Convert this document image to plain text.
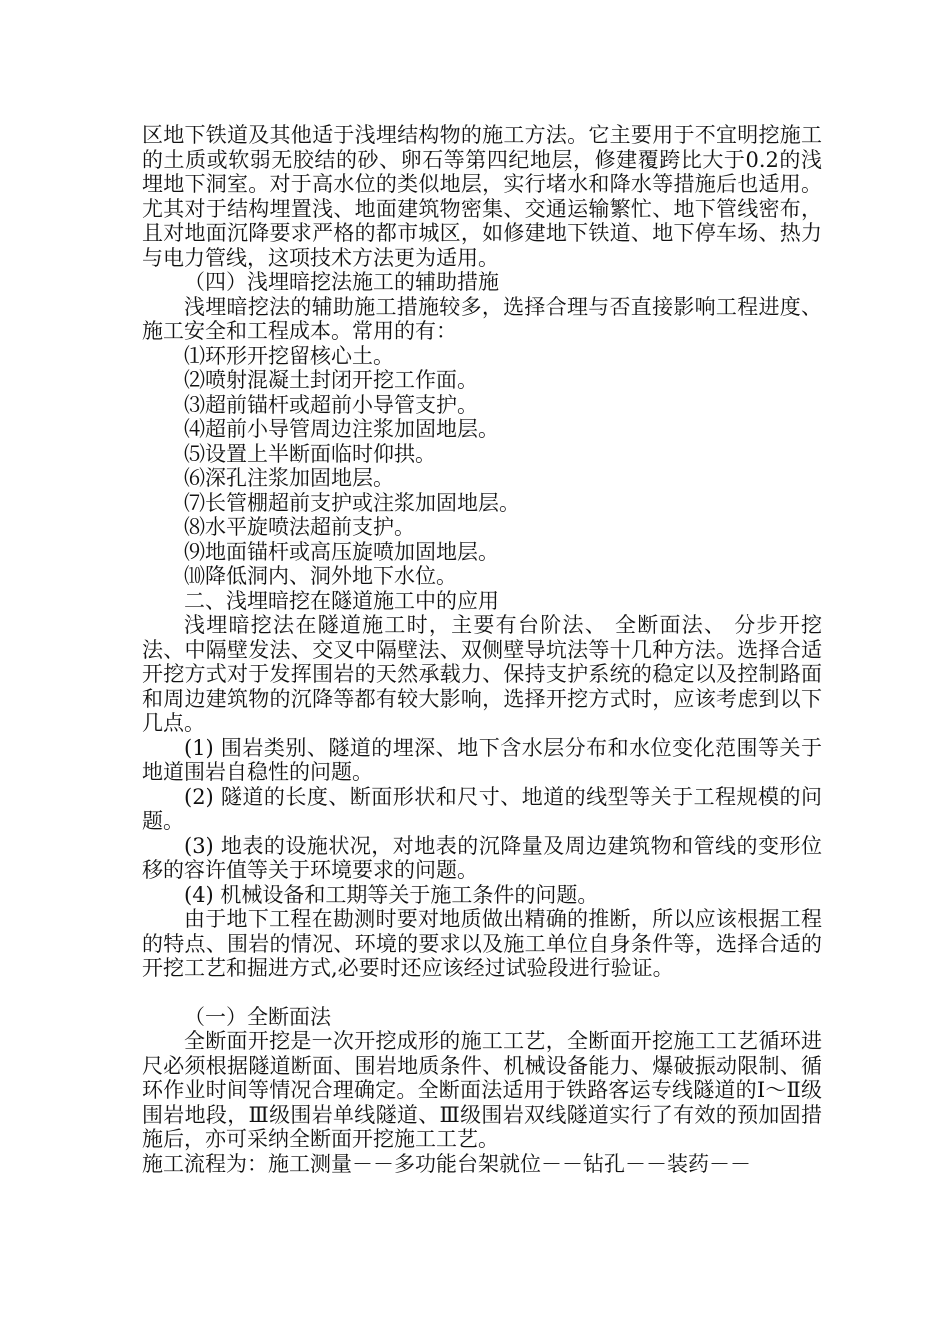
区地下铁道及其他适于浅埋结构物的施工方法。它主要用于不宜明挖施工的土质或软弱无胶结的砂、卵石等第四纪地层，修建覆跨比大于0.2的浅埋地下洞室。对于高水位的类似地层，实行堵水和降水等措施后也适用。尤其对于结构埋置浅、地面建筑物密集、交通运输繁忙、地下管线密布，且对地面沉降要求严格的都市城区，如修建地下铁道、地下停车场、热力与电力管线，这项技术方法更为适用。

（四）浅埋暗挖法施工的辅助措施

浅埋暗挖法的辅助施工措施较多，选择合理与否直接影响工程进度、施工安全和工程成本。常用的有：

⑴环形开挖留核心土。

⑵喷射混凝土封闭开挖工作面。

⑶超前锚杆或超前小导管支护。

⑷超前小导管周边注浆加固地层。

⑸设置上半断面临时仰拱。

⑹深孔注浆加固地层。

⑺长管棚超前支护或注浆加固地层。

⑻水平旋喷法超前支护。

⑼地面锚杆或高压旋喷加固地层。

⑽降低洞内、洞外地下水位。

二、浅埋暗挖在隧道施工中的应用

浅埋暗挖法在隧道施工时，主要有台阶法、 全断面法、 分步开挖法、中隔壁发法、交叉中隔壁法、双侧壁导坑法等十几种方法。选择合适开挖方式对于发挥围岩的天然承载力、保持支护系统的稳定以及控制路面和周边建筑物的沉降等都有较大影响，选择开挖方式时，应该考虑到以下几点。

(1) 围岩类别、隧道的埋深、地下含水层分布和水位变化范围等关于地道围岩自稳性的问题。

(2) 隧道的长度、断面形状和尺寸、地道的线型等关于工程规模的问题。

(3) 地表的设施状况，对地表的沉降量及周边建筑物和管线的变形位移的容许值等关于环境要求的问题。

(4) 机械设备和工期等关于施工条件的问题。

由于地下工程在勘测时要对地质做出精确的推断，所以应该根据工程的特点、围岩的情况、环境的要求以及施工单位自身条件等，选择合适的开挖工艺和掘进方式,必要时还应该经过试验段进行验证。

（一）全断面法

全断面开挖是一次开挖成形的施工工艺，全断面开挖施工工艺循环进尺必须根据隧道断面、围岩地质条件、机械设备能力、爆破振动限制、循环作业时间等情况合理确定。全断面法适用于铁路客运专线隧道的Ⅰ～Ⅱ级围岩地段，Ⅲ级围岩单线隧道、Ⅲ级围岩双线隧道实行了有效的预加固措施后，亦可采纳全断面开挖施工工艺。

施工流程为：施工测量－－多功能台架就位－－钻孔－－装药－－
